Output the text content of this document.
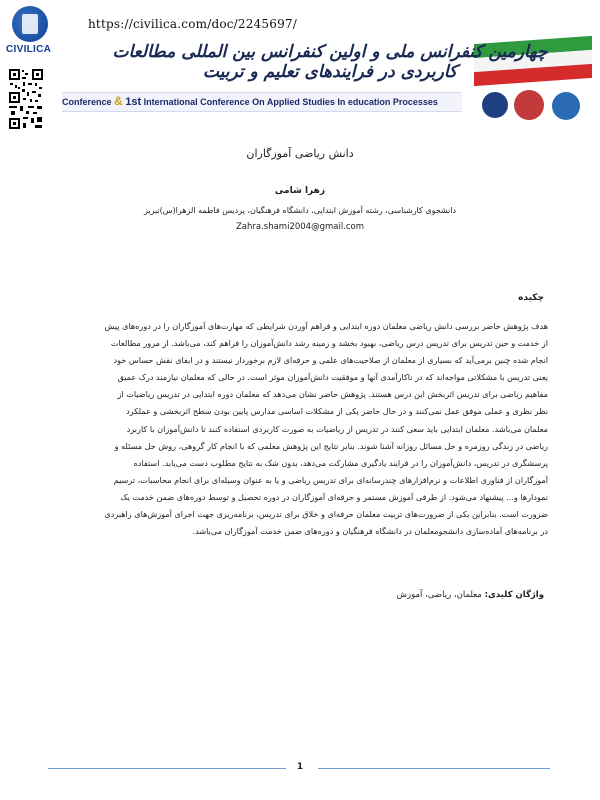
CIVILICA
https://civilica.com/doc/2245697/
چهارمین کنفرانس ملی و اولین کنفرانس بین المللی مطالعات کاربردی در فرایندهای تعلیم و تربیت
Conference & 1st International Conference On Applied Studies In education Processes
دانش ریاضی آموزگاران
زهرا شامی
دانشجوی کارشناسی، رشته آموزش ابتدایی، دانشگاه فرهنگیان، پردیس فاطمه الزهرا(س)تبریز
Zahra.shami2004@gmail.com
چکیده
هدف پژوهش حاضر بررسی دانش ریاضی معلمان دوره ابتدایی و فراهم آوردن شرایطی که مهارت‌های آموزگاران را در دوره‌های پیش
از خدمت و حین تدریس برای تدریس درس ریاضی، بهبود بخشد و زمینه رشد دانش‌آموزان را فراهم کند، می‌باشد. از مرور مطالعات
انجام شده چنین برمی‌آید که بسیاری از معلمان از صلاحیت‌های علمی و حرفه‌ای لازم برخوردار نیستند و در ایفای نقش حساس خود
یعنی تدریس با مشکلاتی مواجه‌اند که در ناکارآمدی آنها و موفقیت دانش‌آموزان موثر است. در حالی که معلمان نیازمند درک عمیق
مفاهیم ریاضی برای تدریس اثربخش این درس هستند. پژوهش حاضر نشان می‌دهد که معلمان دوره ابتدایی در تدریس ریاضیات از
نظر نظری و عملی موفق عمل نمی‌کنند و در حال حاضر یکی از مشکلات اساسی مدارس پایین بودن سطح اثربخشی و عملکرد
معلمان می‌باشد. معلمان ابتدایی باید سعی کنند در تدریس از ریاضیات به صورت کاربردی استفاده کنند تا دانش‌آموزان با کاربرد
ریاضی در زندگی روزمره و حل مسائل روزانه آشنا شوند. بنابر نتایج این پژوهش معلمی که با انجام کار گروهی، روش حل مسئله و
پرسشگری در تدریس، دانش‌آموزان را در فرایند یادگیری مشارکت می‌دهد، بدون شک به نتایج مطلوب دست می‌یابد. استفاده
آموزگاران از فناوری اطلاعات و نرم‌افزارهای چندرسانه‌ای برای تدریس ریاضی و یا به عنوان وسیله‌ای برای انجام محاسبات، ترسیم
نمودارها و... پیشنهاد می‌شود. از طرفی آموزش مستمر و حرفه‌ای آموزگاران در دوره تحصیل و توسط دوره‌های ضمن خدمت یک
ضرورت است. بنابراین یکی از ضرورت‌های تربیت معلمان حرفه‌ای و خلاق برای تدریس، برنامه‌ریزی جهت اجرای آموزش‌های راهبردی
در برنامه‌های آماده‌سازی دانشجومعلمان در دانشگاه فرهنگیان و دوره‌های ضمن خدمت آموزگاران می‌باشد.
واژگان کلیدی: معلمان، ریاضی، آموزش
1
